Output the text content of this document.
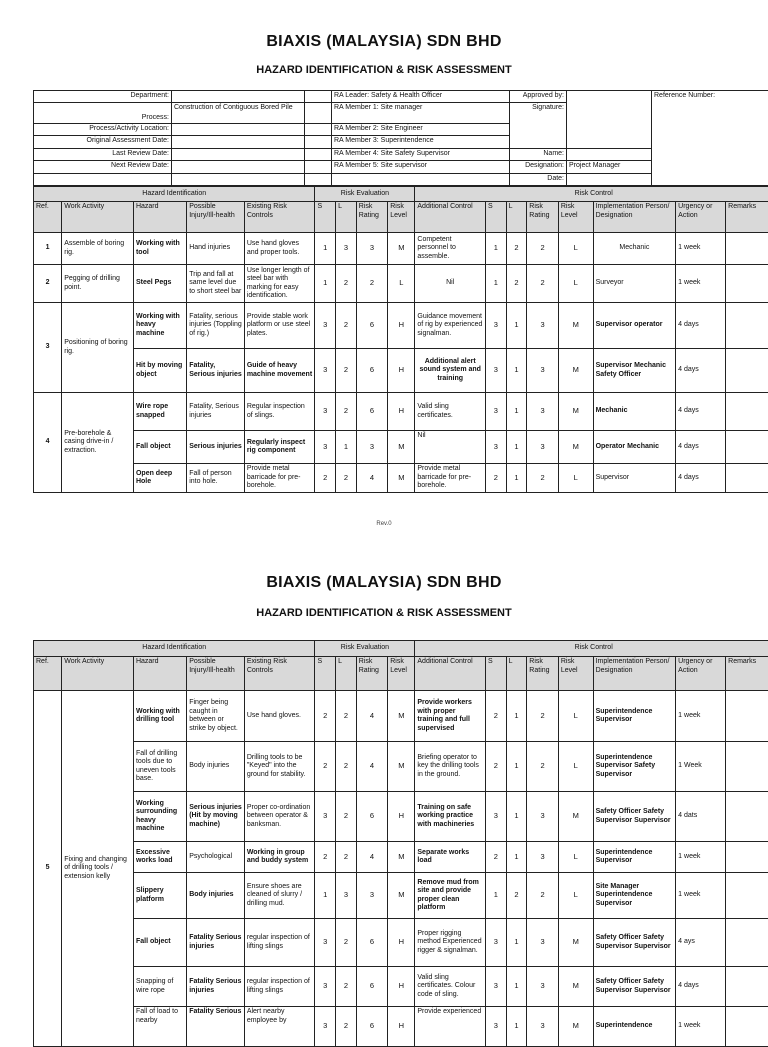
BIAXIS (MALAYSIA) SDN BHD
HAZARD IDENTIFICATION & RISK ASSESSMENT
Department:			RA Leader: Safety & Health Officer	Approved by:		Reference Number:
Process:	Construction of Contiguous Bored Pile		RA Member 1: Site manager	Signature:		
Process/Activity Location:			RA Member 2: Site Engineer			
Original Assessment Date:			RA Member 3: Superintendence			
Last Review Date:			RA Member 4: Site Safety Supervisor	Name:		
Next Review Date:			RA Member 5: Site supervisor	Designation:	Project Manager	
				Date:		
Hazard Identification					Risk Evaluation				Risk Control							
Ref.	Work Activity	Hazard	Possible Injury/Ill-health	Existing Risk Controls	S	L	Risk Rating	Risk Level	Additional Control	S	L	Risk Rating	Risk Level	Implementation Person/ Designation	Urgency or Action	Remarks
1	Assemble of boring rig.	Working with tool	Hand injuries	Use hand gloves and proper tools.	1	3	3	M	Competent personnel to assemble.	1	2	2	L	Mechanic	1 week	
2	Pegging of drilling point.	Steel Pegs	Trip and fall at same level due to short steel bar	Use longer length of steel bar with marking for easy identification.	1	2	2	L	Nil	1	2	2	L	Surveyor	1 week	
3	Positioning of boring rig.	Working with heavy machine	Fatality, serious injuries (Toppling of rig.)	Provide stable work platform or use steel plates.	3	2	6	H	Guidance movement of rig by experienced signalman.	3	1	3	M	Supervisor operator	4 days	
		Hit by moving object	Fatality, Serious injuries	Guide of heavy machine movement	3	2	6	H	Additional alert sound system and training	3	1	3	M	Supervisor Mechanic Safety Officer	4 days	
4	Pre-borehole & casing drive-in / extraction.	Wire rope snapped	Fatality, Serious injuries	Regular inspection of slings.	3	2	6	H	Valid sling certificates.	3	1	3	M	Mechanic	4 days	
		Fall object	Serious injuries	Regularly inspect rig component	3	1	3	M	Nil	3	1	3	M	Operator Mechanic	4 days	
		Open deep Hole	Fall of person into hole.	Provide metal barricade for pre-borehole.	2	2	4	M	Provide metal barricade for pre-borehole.	2	1	2	L	Supervisor	4 days	
Rev.0
BIAXIS (MALAYSIA) SDN BHD
HAZARD IDENTIFICATION & RISK ASSESSMENT
Hazard Identification					Risk Evaluation				Risk Control							
Ref.	Work Activity	Hazard	Possible Injury/Ill-health	Existing Risk Controls	S	L	Risk Rating	Risk Level	Additional Control	S	L	Risk Rating	Risk Level	Implementation Person/ Designation	Urgency or Action	Remarks
5	Fixing and changing of drilling tools / extension kelly	Working with drilling tool	Finger being caught in between or strike by object.	Use hand gloves.	2	2	4	M	Provide workers with proper training and full supervised	2	1	2	L	Superintendence Supervisor	1 week	
		Fall of drilling tools due to uneven tools base.	Body injuries	Drilling tools to be "Keyed" into the ground for stability.	2	2	4	M	Briefing operator to key the drilling tools in the ground.	2	1	2	L	Superintendence Supervisor Safety Supervisor	1 Week	
		Working surrounding heavy machine	Serious injuries (Hit by moving machine)	Proper co-ordination between operator & banksman.	3	2	6	H	Training on safe working practice with machineries	3	1	3	M	Safety Officer Safety Supervisor Supervisor	4 dats	
		Excessive works load	Psychological	Working in group and buddy system	2	2	4	M	Separate works load	2	1	3	L	Superintendence Supervisor	1 week	
		Slippery platform	Body injuries	Ensure shoes are cleaned of slurry / drilling mud.	1	3	3	M	Remove mud from site and provide proper clean platform	1	2	2	L	Site Manager Superintendence Supervisor	1 week	
		Fall object	Fatality Serious injuries	regular inspection of lifting slings	3	2	6	H	Proper rigging method Experienced rigger & signalman.	3	1	3	M	Safety Officer Safety Supervisor Supervisor	4 ays	
		Snapping of wire rope	Fatality Serious injuries	regular inspection of lifting slings	3	2	6	H	Valid sling certificates. Colour code of sling.	3	1	3	M	Safety Officer Safety Supervisor Supervisor	4 days	
		Fall of load to nearby	Fatality Serious	Alert nearby employee by	3	2	6	H	Provide experienced	3	1	3	M	Superintendence	1 week	
